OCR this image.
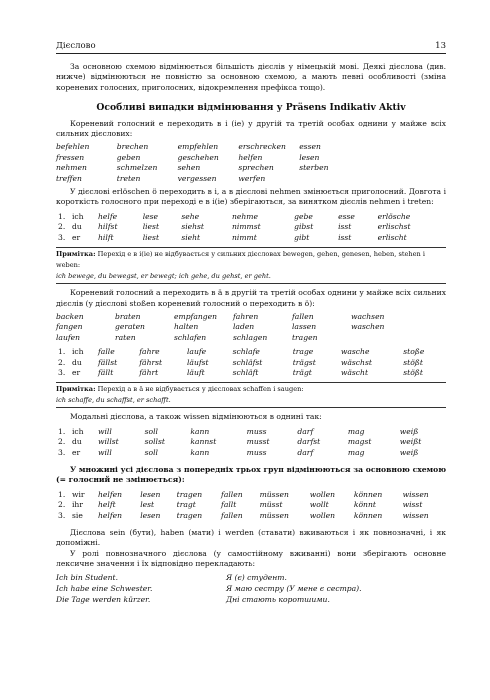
Дієслово	13

За основною схемою відмінюється більшість дієслів у німецькій мові. Деякі дієслова (див. нижче) відмінюються не повністю за основною схемою, а мають певні особливості (зміна кореневих голосних, приголосних, відокремлення префікса тощо).

Особливі випадки відмінювання у Präsens Indikativ Aktiv

Кореневий голосний e переходить в i (ie) у другій та третій особах однини у майже всіх сильних дієслових:

befehlen	brechen	empfehlen	erschrecken	essen
fressen	geben	geschehen	helfen	lesen
nehmen	schmelzen	sehen	sprechen	sterben
treffen	treten	vergessen	werfen

У дієслові erlöschen ö переходить в i, а в дієслові nehmen змінюється приголосний. Довгота і короткість голосного при переході e в i(ie) зберігаються, за винятком дієслів nehmen і treten:

1.	ich	helfe	lese	sehe	nehme	gebe	esse	erlösche
2.	du	hilfst	liest	siehst	nimmst	gibst	isst	erlischst
3.	er	hilft	liest	sieht	nimmt	gibt	isst	erlischt
Примітка: Перехід e в i(ie) не відбувається у сильних дієсловах bewegen, gehen, genesen, heben, stehen і weben:
ich bewege, du bewegst, er bewegt; ich gehe, du gehst, er geht.

Кореневий голосний a переходить в ä в другій та третій особах однини у майже всіх сильних дієслів (у дієслові stoßen кореневий голосний o переходить в ö):

backen	braten	empfangen	fahren	fallen	wachsen
fangen	geraten	halten	laden	lassen	waschen
laufen	raten	schlafen	schlagen	tragen
1.	ich	falle	fahre	laufe	schlafe	trage	wasche	stoße
2.	du	fällst	fährst	läufst	schläfst	trägst	wäschst	stößt
3.	er	fällt	fährt	läuft	schläft	trägt	wäscht	stößt
Примітка: Перехід a в ä не відбувається у дієсловах schaffen і saugen:
ich schaffe, du schaffst, er schafft.

Модальні дієслова, а також wissen відмінюються в однині так:

1.	ich	will	soll	kann	muss	darf	mag	weiß
2.	du	willst	sollst	kannst	musst	darfst	magst	weißt
3.	er	will	soll	kann	muss	darf	mag	weiß

У множині усі дієслова з попередніх трьох груп відмінюються за основною схемою (= голосний не змінюється):

1.	wir	helfen	lesen	tragen	fallen	müssen	wollen	können	wissen
2.	ihr	helft	lest	tragt	fallt	müsst	wollt	könnt	wisst
3.	sie	helfen	lesen	tragen	fallen	müssen	wollen	können	wissen

Дієслова sein (бути), haben (мати) і werden (ставати) вживаються і як повнозначні, і як допоміжні.

У ролі повнозначного дієслова (у самостійному вживанні) вони зберігають основне лексичне значення і їх відповідно перекладають:

Ich bin Student.	Я (є) студент.
Ich habe eine Schwester.	Я маю сестру (У мене є сестра).
Die Tage werden kürzer.	Дні стають коротшими.
